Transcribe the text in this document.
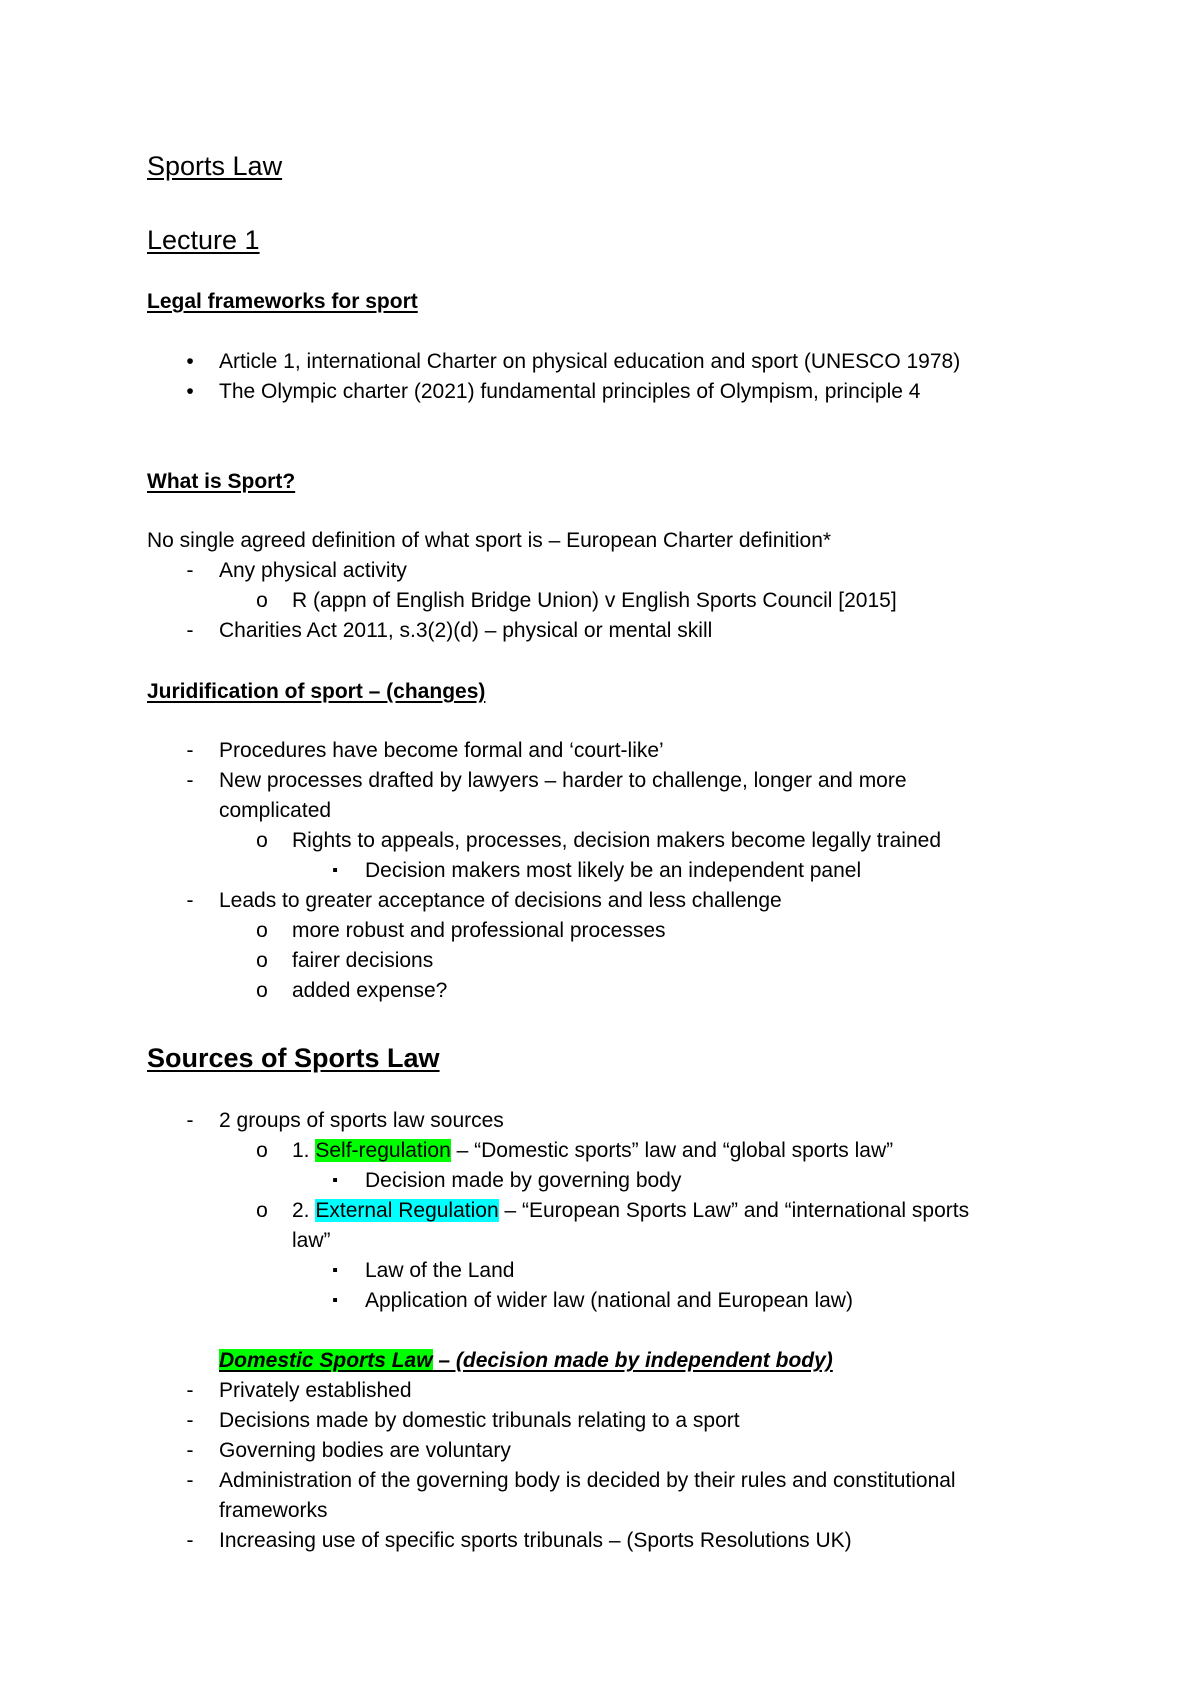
Sports Law
Lecture 1
Legal frameworks for sport
•	Article 1, international Charter on physical education and sport (UNESCO 1978)
•	The Olympic charter (2021) fundamental principles of Olympism, principle 4
What is Sport?
No single agreed definition of what sport is – European Charter definition*
-	Any physical activity
o R (appn of English Bridge Union) v English Sports Council [2015]
-	Charities Act 2011, s.3(2)(d) – physical or mental skill
Juridification of sport – (changes)
-	Procedures have become formal and ‘court-like’
-	New processes drafted by lawyers – harder to challenge, longer and more
complicated
o Rights to appeals, processes, decision makers become legally trained
▪	Decision makers most likely be an independent panel
-	Leads to greater acceptance of decisions and less challenge
o more robust and professional processes
o fairer decisions
o added expense?
Sources of Sports Law
-	2 groups of sports law sources
o 1. Self-regulation – “Domestic sports” law and “global sports law”
▪	Decision made by governing body
o 2. External Regulation – “European Sports Law” and “international sports
law”
▪	Law of the Land
▪	Application of wider law (national and European law)
Domestic Sports Law – (decision made by independent body)
-	Privately established
-	Decisions made by domestic tribunals relating to a sport
-	Governing bodies are voluntary
-	Administration of the governing body is decided by their rules and constitutional
frameworks
-	Increasing use of specific sports tribunals – (Sports Resolutions UK)
